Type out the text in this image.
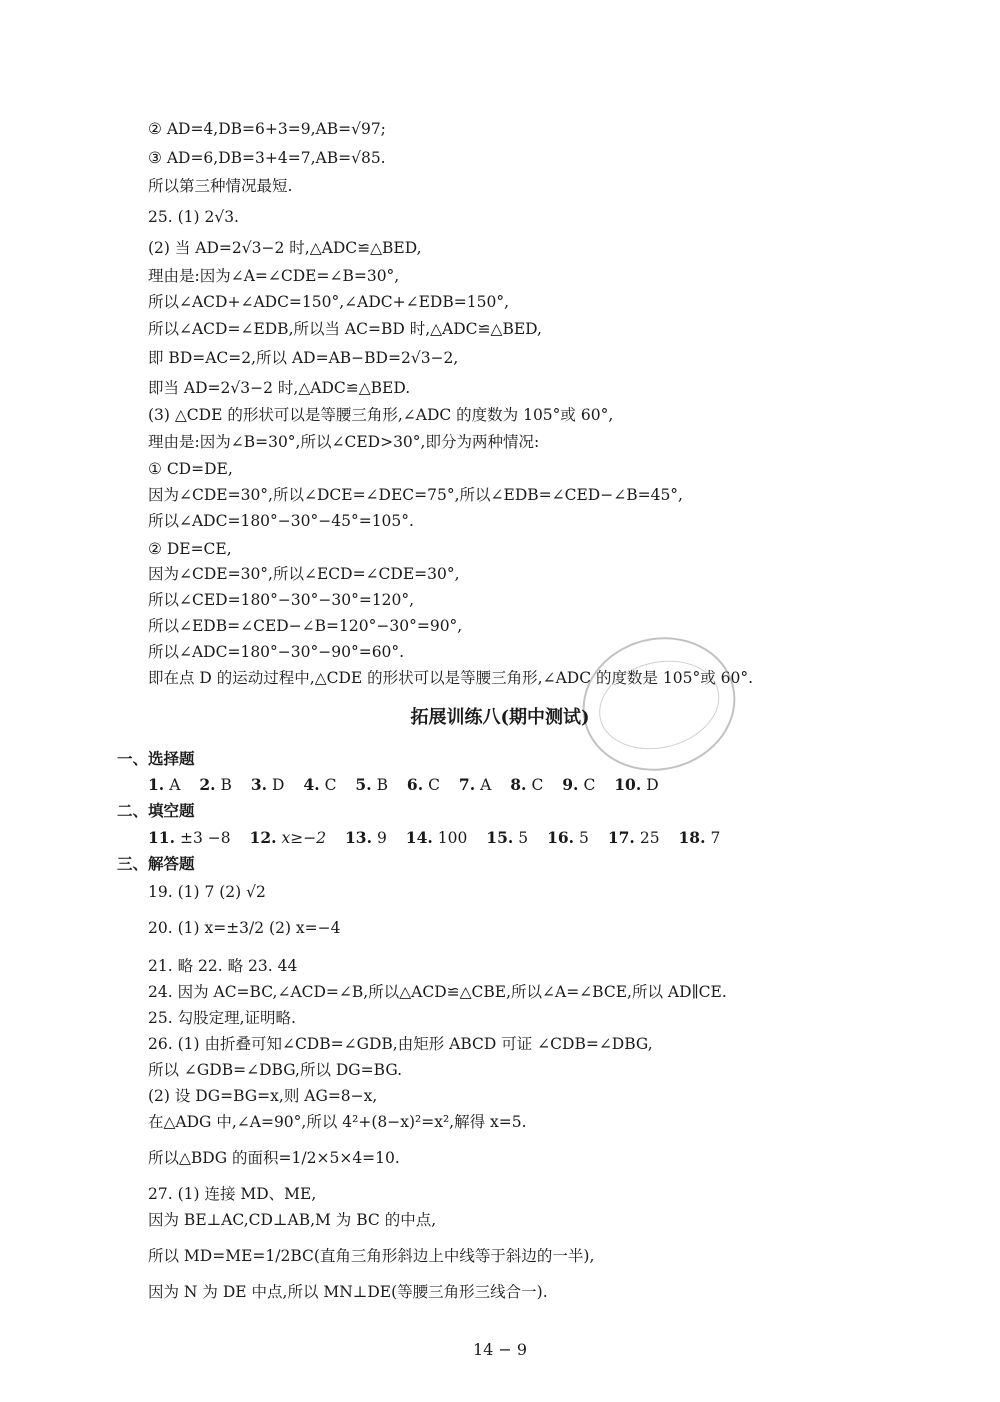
② AD=4,DB=6+3=9,AB=√97;
③ AD=6,DB=3+4=7,AB=√85.
所以第三种情况最短.
25. (1) 2√3.
(2) 当 AD=2√3−2 时,△ADC≌△BED,
理由是:因为∠A=∠CDE=∠B=30°,
所以∠ACD+∠ADC=150°,∠ADC+∠EDB=150°,
所以∠ACD=∠EDB,所以当 AC=BD 时,△ADC≌△BED,
即 BD=AC=2,所以 AD=AB−BD=2√3−2,
即当 AD=2√3−2 时,△ADC≌△BED.
(3) △CDE 的形状可以是等腰三角形,∠ADC 的度数为 105°或 60°,
理由是:因为∠B=30°,所以∠CED>30°,即分为两种情况:
① CD=DE,
因为∠CDE=30°,所以∠DCE=∠DEC=75°,所以∠EDB=∠CED−∠B=45°,
所以∠ADC=180°−30°−45°=105°.
② DE=CE,
因为∠CDE=30°,所以∠ECD=∠CDE=30°,
所以∠CED=180°−30°−30°=120°,
所以∠EDB=∠CED−∠B=120°−30°=90°,
所以∠ADC=180°−30°−90°=60°.
即在点 D 的运动过程中,△CDE 的形状可以是等腰三角形,∠ADC 的度数是 105°或 60°.
拓展训练八(期中测试)
一、选择题
1. A 2. B 3. D 4. C 5. B 6. C 7. A 8. C 9. C 10. D
二、填空题
11. ±3 −8 12. x≥−2 13. 9 14. 100 15. 5 16. 5 17. 25 18. 7
三、解答题
19. (1) 7 (2) √2
20. (1) x=±3/2 (2) x=−4
21. 略 22. 略 23. 44
24. 因为 AC=BC,∠ACD=∠B,所以△ACD≌△CBE,所以∠A=∠BCE,所以 AD∥CE.
25. 勾股定理,证明略.
26. (1) 由折叠可知∠CDB=∠GDB,由矩形 ABCD 可证 ∠CDB=∠DBG,
所以 ∠GDB=∠DBG,所以 DG=BG.
(2) 设 DG=BG=x,则 AG=8−x,
在△ADG 中,∠A=90°,所以 4²+(8−x)²=x²,解得 x=5.
所以△BDG 的面积=1/2×5×4=10.
27. (1) 连接 MD、ME,
因为 BE⊥AC,CD⊥AB,M 为 BC 的中点,
所以 MD=ME=1/2BC(直角三角形斜边上中线等于斜边的一半),
因为 N 为 DE 中点,所以 MN⊥DE(等腰三角形三线合一).
14 − 9
